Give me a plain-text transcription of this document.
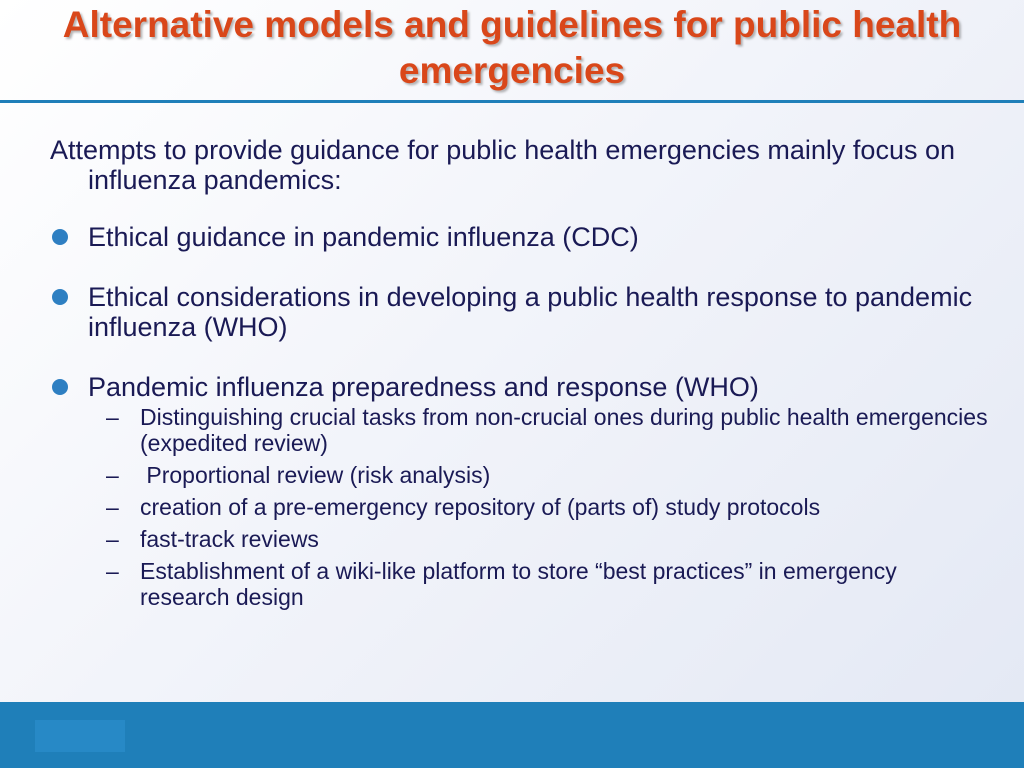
Alternative models and guidelines for public health emergencies

Attempts to provide guidance for public health emergencies mainly focus on influenza pandemics:

Ethical guidance in pandemic influenza (CDC)
Ethical considerations in developing a public health response to pandemic influenza (WHO)
Pandemic influenza preparedness and response (WHO)
– Distinguishing crucial tasks from non-crucial ones during public health emergencies (expedited review)
– Proportional review (risk analysis)
– creation of a pre-emergency repository of (parts of) study protocols
– fast-track reviews
– Establishment of a wiki-like platform to store “best practices” in emergency research design
